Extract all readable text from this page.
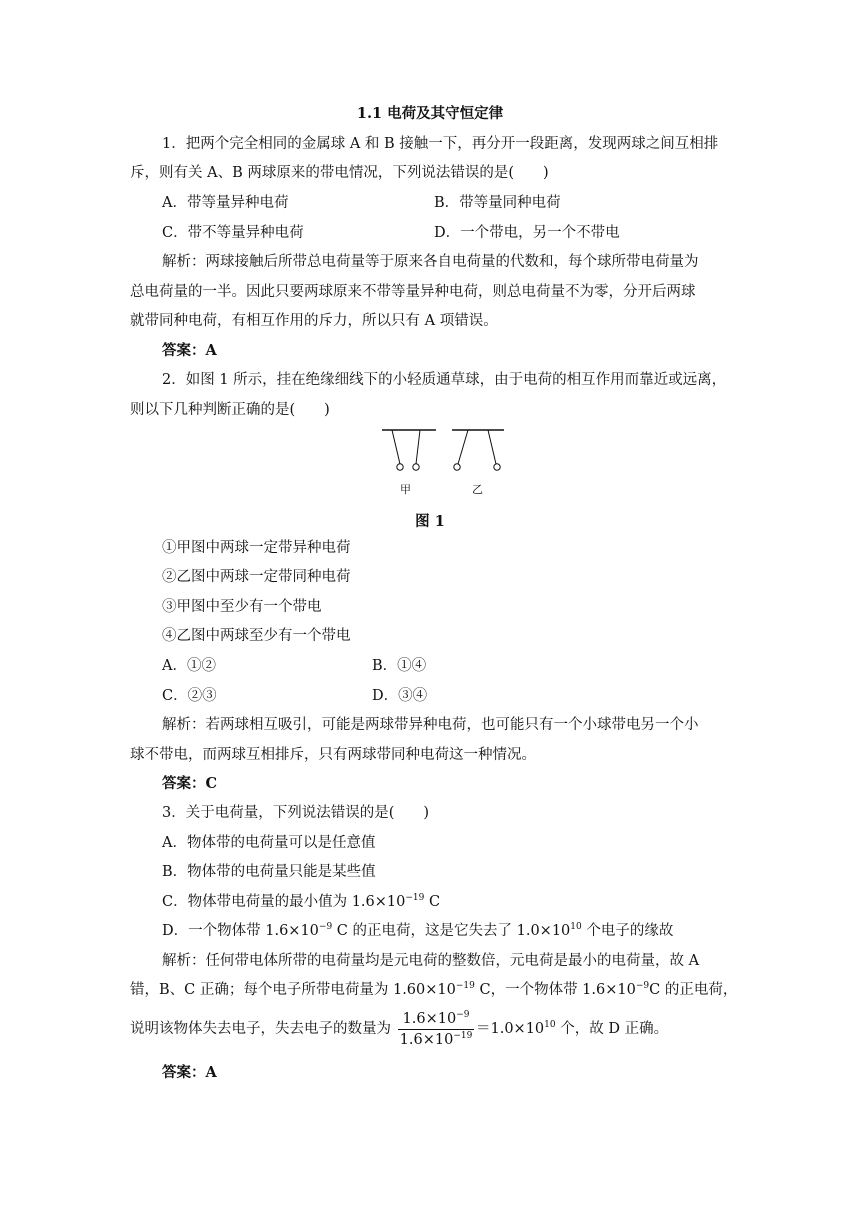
1.1 电荷及其守恒定律
1．把两个完全相同的金属球 A 和 B 接触一下，再分开一段距离，发现两球之间互相排
斥，则有关 A、B 两球原来的带电情况，下列说法错误的是(　　)
A．带等量异种电荷	B．带等量同种电荷
C．带不等量异种电荷	D．一个带电，另一个不带电
解析：两球接触后所带总电荷量等于原来各自电荷量的代数和，每个球所带电荷量为
总电荷量的一半。因此只要两球原来不带等量异种电荷，则总电荷量不为零，分开后两球
就带同种电荷，有相互作用的斥力，所以只有 A 项错误。
答案：A
2．如图 1 所示，挂在绝缘细线下的小轻质通草球，由于电荷的相互作用而靠近或远离，
则以下几种判断正确的是(　　)
甲	乙
图 1
①甲图中两球一定带异种电荷
②乙图中两球一定带同种电荷
③甲图中至少有一个带电
④乙图中两球至少有一个带电
A．①②	B．①④
C．②③	D．③④
解析：若两球相互吸引，可能是两球带异种电荷，也可能只有一个小球带电另一个小
球不带电，而两球互相排斥，只有两球带同种电荷这一种情况。
答案：C
3．关于电荷量，下列说法错误的是(　　)
A．物体带的电荷量可以是任意值
B．物体带的电荷量只能是某些值
C．物体带电荷量的最小值为 $1.6\times 10^{-19}$ C
D．一个物体带 $1.6\times 10^{-9}$ C 的正电荷，这是它失去了 $1.0\times 10^{10}$ 个电子的缘故
解析：任何带电体所带的电荷量均是元电荷的整数倍，元电荷是最小的电荷量，故 A
错，B、C 正确；每个电子所带电荷量为 $1.60\times 10^{-19}$ C，一个物体带 $1.6\times 10^{-9}C$ 的正电荷，
说明该物体失去电子，失去电子的数量为 $\frac{1.6\times 10^{-9}}{1.6\times 10^{-19}} =1.0\times 10^{10}$ 个，故 D 正确。
答案：A
